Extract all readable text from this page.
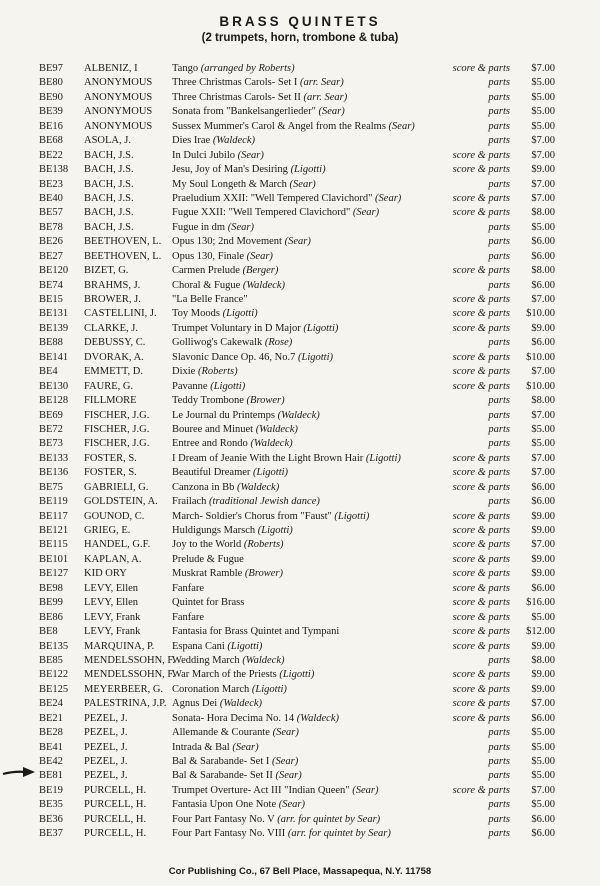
BRASS QUINTETS
(2 trumpets, horn, trombone & tuba)
BE97 ALBENIZ, I	Tango (arranged by Roberts)	score & parts $7.00
BE80 ANONYMOUS Three Christmas Carols- Set I (arr. Sear)	parts $5.00
BE90 ANONYMOUS Three Christmas Carols- Set II (arr. Sear)	parts $5.00
BE39 ANONYMOUS Sonata from "Bankelsangerlieder" (Sear)	parts $5.00
BE16 ANONYMOUS Sussex Mummer's Carol & Angel from the Realms (Sear)	parts $5.00
BE68 ASOLA, J.	Dies Irae (Waldeck)	parts $7.00
BE22 BACH, J.S.	In Dulci Jubilo (Sear)	score & parts $7.00
BE138 BACH, J.S.	Jesu, Joy of Man's Desiring (Ligotti)	score & parts $9.00
BE23 BACH, J.S.	My Soul Longeth & March (Sear)	parts $7.00
BE40 BACH, J.S.	Praeludium XXII: "Well Tempered Clavichord" (Sear)	score & parts $7.00
BE57 BACH, J.S.	Fugue XXII: "Well Tempered Clavichord" (Sear)	score & parts $8.00
BE78 BACH, J.S.	Fugue in dm (Sear)	parts $5.00
BE26 BEETHOVEN, L. Opus 130; 2nd Movement (Sear)	parts $6.00
BE27 BEETHOVEN, L. Opus 130, Finale (Sear)	parts $6.00
BE120 BIZET, G.	Carmen Prelude (Berger)	score & parts $8.00
BE74 BRAHMS, J.	Choral & Fugue (Waldeck)	parts $6.00
BE15 BROWER, J.	"La Belle France"	score & parts $7.00
BE131 CASTELLINI, J. Toy Moods (Ligotti)	score & parts $10.00
BE139 CLARKE, J.	Trumpet Voluntary in D Major (Ligotti)	score & parts $9.00
BE88 DEBUSSY, C.	Golliwog's Cakewalk (Rose)	parts $6.00
BE141 DVORAK, A.	Slavonic Dance Op. 46, No.7 (Ligotti)	score & parts $10.00
BE4	EMMETT, D.	Dixie (Roberts)	score & parts $7.00
BE130 FAURE, G.	Pavanne (Ligotti)	score & parts $10.00
BE128 FILLMORE	Teddy Trombone (Brower)	parts $8.00
BE69 FISCHER, J.G. Le Journal du Printemps (Waldeck)	parts $7.00
BE72 FISCHER, J.G. Bouree and Minuet (Waldeck)	parts $5.00
BE73 FISCHER, J.G. Entree and Rondo (Waldeck)	parts $5.00
BE133 FOSTER, S.	I Dream of Jeanie With the Light Brown Hair (Ligotti)	score & parts $7.00
BE136 FOSTER, S.	Beautiful Dreamer (Ligotti)	score & parts $7.00
BE75 GABRIELI, G. Canzona in Bb (Waldeck)	score & parts $6.00
BE119 GOLDSTEIN, A. Frailach (traditional Jewish dance)	parts $6.00
BE117 GOUNOD, C.	March- Soldier's Chorus from "Faust" (Ligotti)	score & parts $9.00
BE121 GRIEG, E.	Huldigungs Marsch (Ligotti)	score & parts $9.00
BE115 HANDEL, G.F. Joy to the World (Roberts)	score & parts $7.00
BE101 KAPLAN, A.	Prelude & Fugue	score & parts $9.00
BE127 KID ORY	Muskrat Ramble (Brower)	score & parts $9.00
BE98 LEVY, Ellen	Fanfare	score & parts $6.00
BE99 LEVY, Ellen	Quintet for Brass	score & parts $16.00
BE86 LEVY, Frank	Fanfare	score & parts $5.00
BE8	LEVY, Frank	Fantasia for Brass Quintet and Tympani	score & parts $12.00
BE135 MARQUINA, P. Espana Cani (Ligotti)	score & parts $9.00
BE85 MENDELSSOHN, F.
Wedding March (Waldeck)	parts $8.00
BE122 MENDELSSOHN, F.
War March of the Priests (Ligotti)	score & parts $9.00
BE125 MEYERBEER, G. Coronation March (Ligotti)	score & parts $9.00
BE24 PALESTRINA, J.P. Agnus Dei (Waldeck)	score & parts $7.00
BE21 PEZEL, J.	Sonata- Hora Decima No. 14 (Waldeck)	score & parts $6.00
BE28 PEZEL, J.	Allemande & Courante (Sear)	parts $5.00
BE41 PEZEL, J.	Intrada & Bal (Sear)	parts $5.00
BE42 PEZEL, J.	Bal & Sarabande- Set I (Sear)	parts $5.00
BE81 PEZEL, J.	Bal & Sarabande- Set II (Sear)	parts $5.00
BE19 PURCELL, H. Trumpet Overture- Act III "Indian Queen" (Sear)	score & parts $7.00
BE35 PURCELL, H. Fantasia Upon One Note (Sear)	parts $5.00
BE36 PURCELL, H. Four Part Fantasy No. V (arr. for quintet by Sear)	parts $6.00
BE37 PURCELL, H. Four Part Fantasy No. VIII (arr. for quintet by Sear)	parts $6.00
Cor Publishing Co., 67 Bell Place, Massapequa, N.Y. 11758
